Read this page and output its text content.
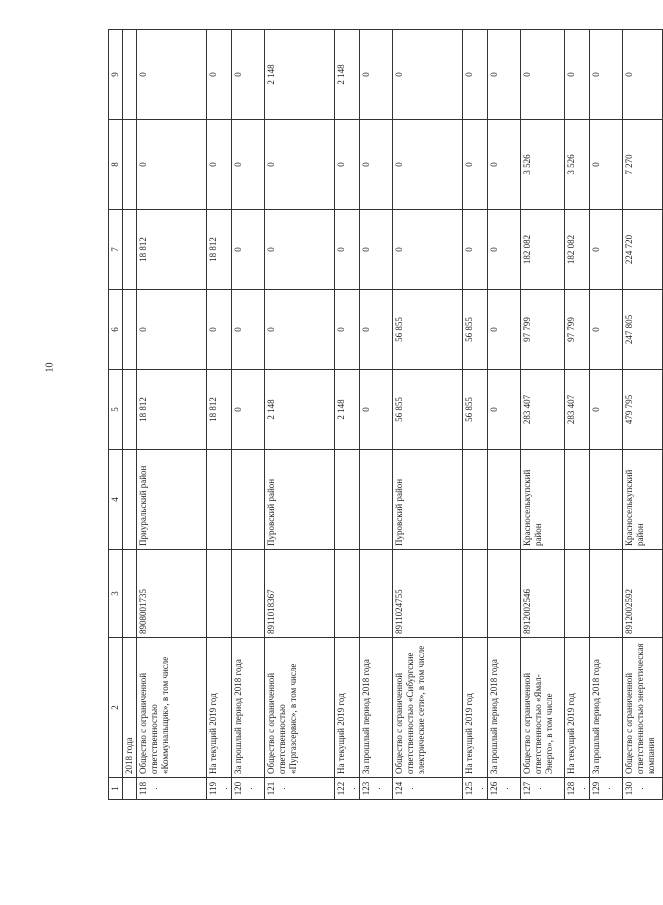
10
1	2	3	4	5	6	7	8	9
	2018 года							
118.	Общество с ограниченной ответственностью «Коммунальщик», в том числе	8908001735	Приуральский район	18 812	0	18 812	0	0
119.	На текущий 2019 год			18 812	0	18 812	0	0
120.	За прошлый период 2018 года			0	0	0	0	0
121.	Общество с ограниченной ответственностью «Пургазсервис», в том числе	8911018367	Пуровский район	2 148	0	0	0	2 148
122.	На текущий 2019 год			2 148	0	0	0	2 148
123.	За прошлый период 2018 года			0	0	0	0	0
124.	Общество с ограниченной ответственностью «Сибургские электрические сети», в том числе	8911024755	Пуровский район	56 855	56 855	0	0	0
125.	На текущий 2019 год			56 855	56 855	0	0	0
126.	За прошлый период 2018 года			0	0	0	0	0
127.	Общество с ограниченной ответственностью «Ямал-Энерго», в том числе	8912002546	Красноселькупский район	283 407	97 799	182 082	3 526	0
128.	На текущий 2019 год			283 407	97 799	182 082	3 526	0
129.	За прошлый период 2018 года			0	0	0	0	0
130.	Общество с ограниченной ответственностью энергетическая компания	8912002592	Красноселькупский район	479 795	247 805	224 720	7 270	0
